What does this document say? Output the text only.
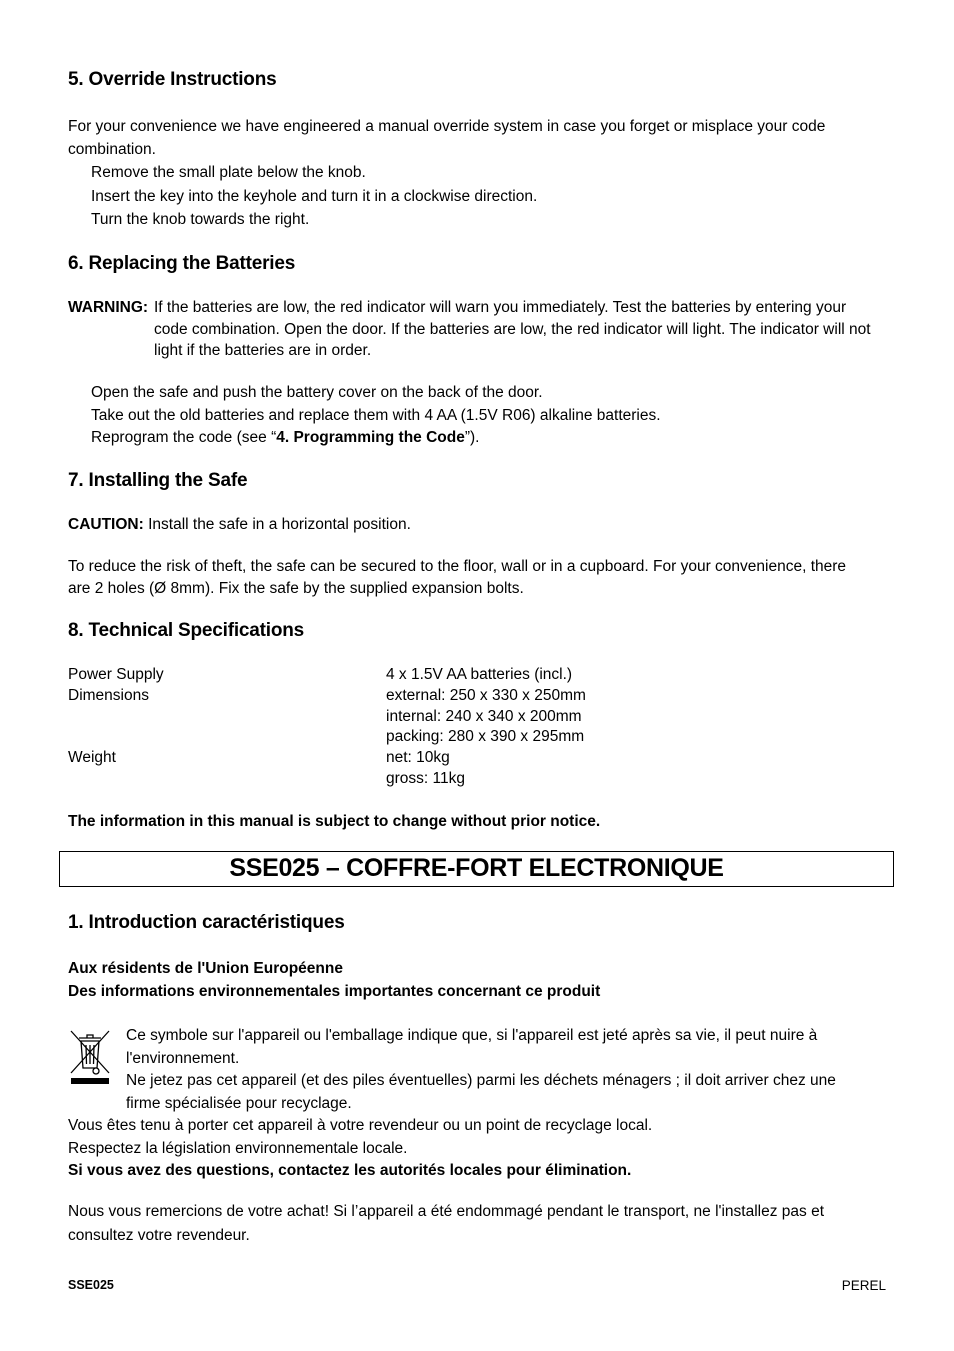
5. Override Instructions

For your convenience we have engineered a manual override system in case you forget or misplace your code

combination.

Remove the small plate below the knob.

Insert the key into the keyhole and turn it in a clockwise direction.

Turn the knob towards the right.

6. Replacing the Batteries
WARNING: If the batteries are low, the red indicator will warn you immediately. Test the batteries by entering your

code combination. Open the door. If the batteries are low, the red indicator will light. The indicator will not

light if the batteries are in order.

Open the safe and push the battery cover on the back of the door.

Take out the old batteries and replace them with 4 AA (1.5V R06) alkaline batteries.

Reprogram the code (see “4. Programming the Code”).

7. Installing the Safe

CAUTION: Install the safe in a horizontal position.

To reduce the risk of theft, the safe can be secured to the floor, wall or in a cupboard. For your convenience, there

are 2 holes (Ø 8mm). Fix the safe by the supplied expansion bolts.

8. Technical Specifications
Power Supply	4 x 1.5V AA batteries (incl.)
Dimensions	external: 250 x 330 x 250mm
internal: 240 x 340 x 200mm
packing: 280 x 390 x 295mm
Weight	net: 10kg
gross: 11kg

The information in this manual is subject to change without prior notice.

1. Introduction caractéristiques

Aux résidents de l'Union Européenne

Des informations environnementales importantes concernant ce produit

Ce symbole sur l'appareil ou l'emballage indique que, si l'appareil est jeté après sa vie, il peut nuire à

l'environnement.

Ne jetez pas cet appareil (et des piles éventuelles) parmi les déchets ménagers ; il doit arriver chez une

firme spécialisée pour recyclage.

Vous êtes tenu à porter cet appareil à votre revendeur ou un point de recyclage local.

Respectez la législation environnementale locale.

Si vous avez des questions, contactez les autorités locales pour élimination.

Nous vous remercions de votre achat! Si l’appareil a été endommagé pendant le transport, ne l'installez pas et

consultez votre revendeur.

SSE025 – COFFRE-FORT ELECTRONIQUE
SSE025	PEREL
